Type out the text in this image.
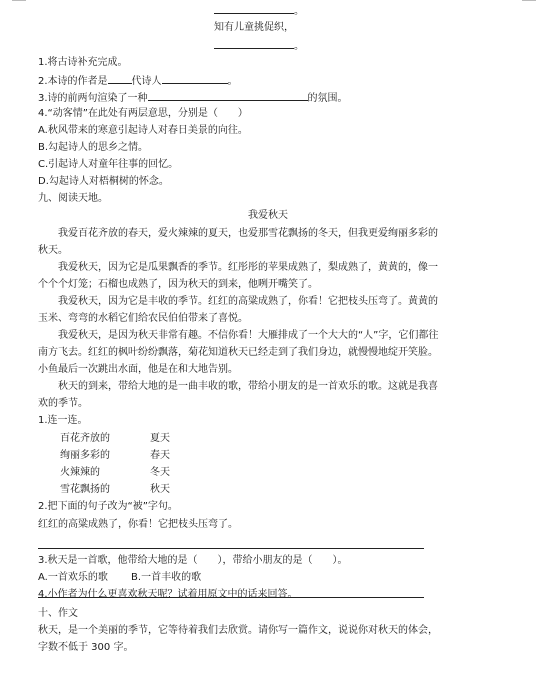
。
知有儿童挑促织，
。
1.将古诗补充完成。
2.本诗的作者是 代诗人	。
3.诗的前两句渲染了一种	的氛围。
4.“动客情”在此处有两层意思，分别是（　　）
A.秋风带来的寒意引起诗人对春日美景的向往。
B.勾起诗人的思乡之情。
C.引起诗人对童年往事的回忆。
D.勾起诗人对梧桐树的怀念。
九、阅读天地。
我爱秋天
我爱百花齐放的春天，爱火辣辣的夏天，也爱那雪花飘扬的冬天，但我更爱绚丽多彩的
秋天。
我爱秋天，因为它是瓜果飘香的季节。红彤彤的苹果成熟了，梨成熟了，黄黄的，像一
个个个灯笼；石榴也成熟了，因为秋天的到来，他咧开嘴笑了。
我爱秋天，因为它是丰收的季节。红红的高粱成熟了，你看！它把枝头压弯了。黄黄的
玉米、弯弯的水稻它们给农民伯伯带来了喜悦。
我爱秋天，是因为秋天非常有趣。不信你看！大雁排成了一个大大的“人”字，它们都往
南方飞去。红红的枫叶纷纷飘落，菊花知道秋天已经走到了我们身边，就慢慢地绽开笑脸。
小鱼最后一次跳出水面，他是在和大地告别。
秋天的到来，带给大地的是一曲丰收的歌，带给小朋友的是一首欢乐的歌。这就是我喜
欢的季节。
1.连一连。
百花齐放的	夏天
绚丽多彩的	春天
火辣辣的	冬天
雪花飘扬的	秋天
2.把下面的句子改为“被”字句。
红红的高粱成熟了，你看！它把枝头压弯了。
3.秋天是一首歌，他带给大地的是（　　），带给小朋友的是（　　）。
A.一首欢乐的歌 B.一首丰收的歌
4.小作者为什么更喜欢秋天呢？试着用原文中的话来回答。
十、作文
秋天，是一个美丽的季节，它等待着我们去欣赏。请你写一篇作文，说说你对秋天的体会，
字数不低于 300 字。
